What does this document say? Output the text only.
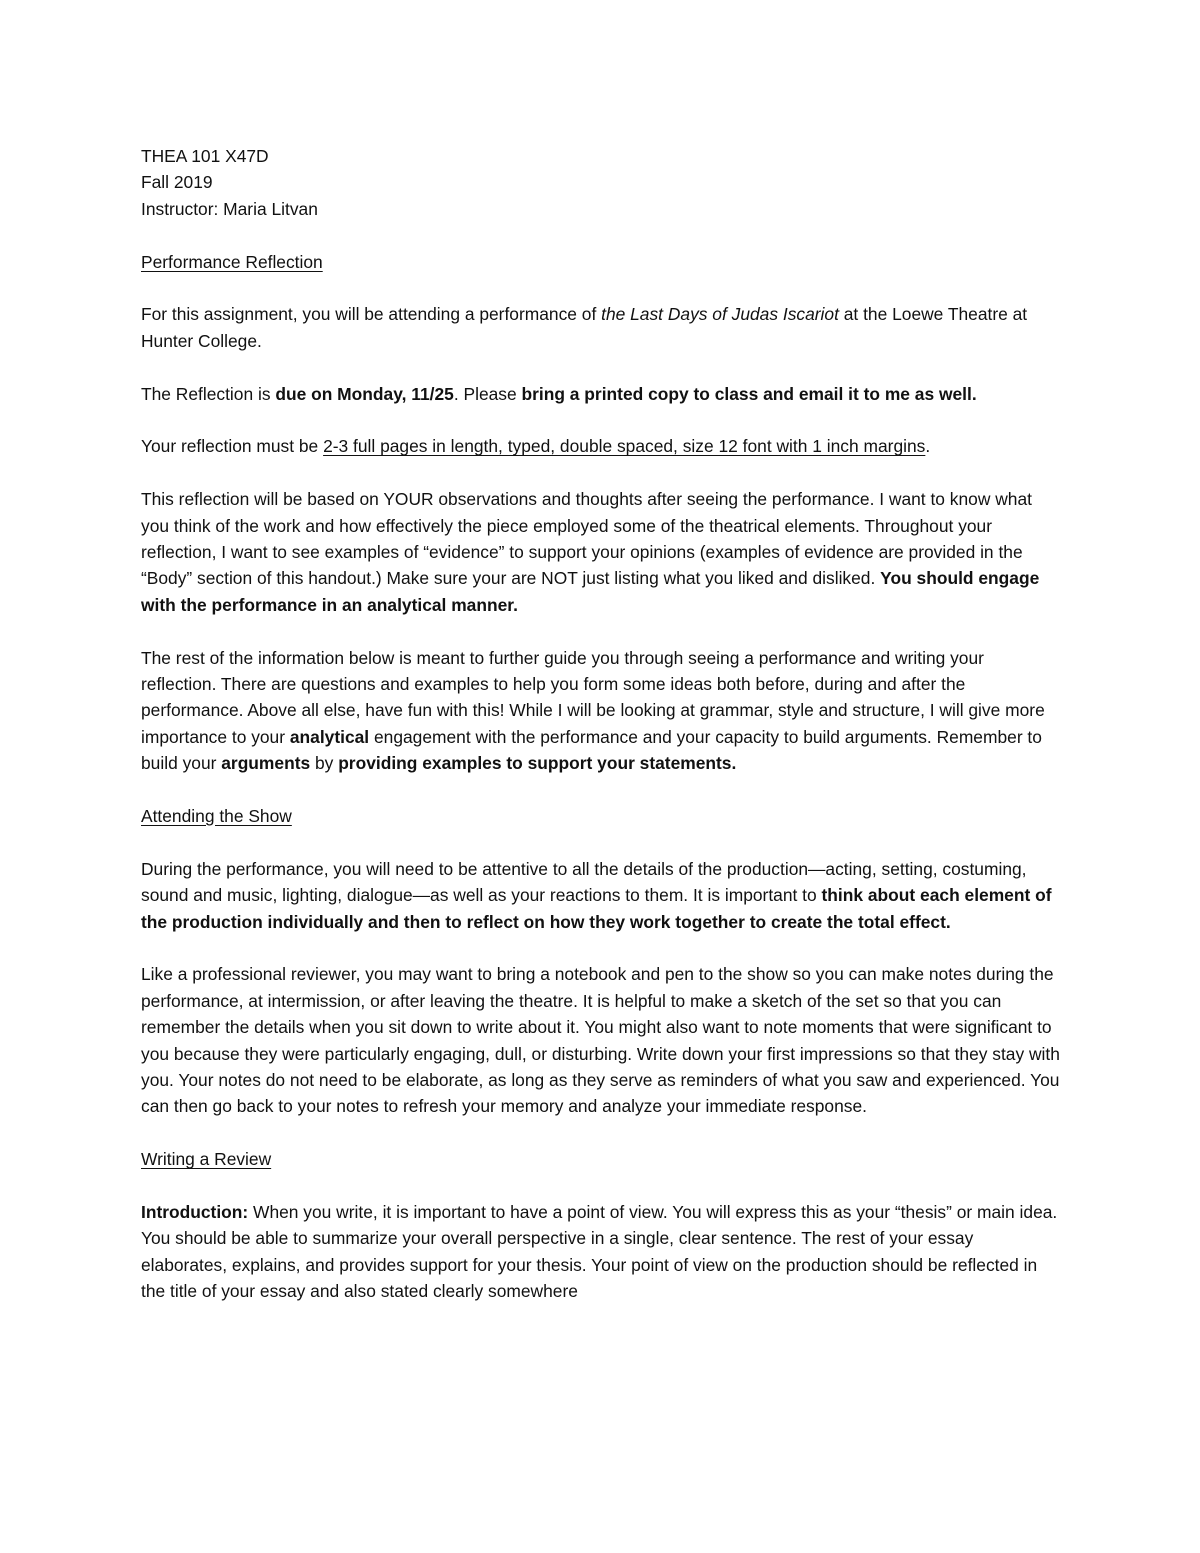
THEA 101 X47D

Fall 2019

Instructor: Maria Litvan

Performance Reflection

For this assignment, you will be attending a performance of the Last Days of Judas Iscariot at the Loewe Theatre at Hunter College.

The Reflection is due on Monday, 11/25. Please bring a printed copy to class and email it to me as well.

Your reflection must be 2-3 full pages in length, typed, double spaced, size 12 font with 1 inch margins.

This reflection will be based on YOUR observations and thoughts after seeing the performance. I want to know what you think of the work and how effectively the piece employed some of the theatrical elements. Throughout your reflection, I want to see examples of “evidence” to support your opinions (examples of evidence are provided in the “Body” section of this handout.) Make sure your are NOT just listing what you liked and disliked. You should engage with the performance in an analytical manner.

The rest of the information below is meant to further guide you through seeing a performance and writing your reflection. There are questions and examples to help you form some ideas both before, during and after the performance. Above all else, have fun with this! While I will be looking at grammar, style and structure, I will give more importance to your analytical engagement with the performance and your capacity to build arguments. Remember to build your arguments by providing examples to support your statements.

Attending the Show

During the performance, you will need to be attentive to all the details of the production—acting, setting, costuming, sound and music, lighting, dialogue—as well as your reactions to them. It is important to think about each element of the production individually and then to reflect on how they work together to create the total effect.

Like a professional reviewer, you may want to bring a notebook and pen to the show so you can make notes during the performance, at intermission, or after leaving the theatre. It is helpful to make a sketch of the set so that you can remember the details when you sit down to write about it. You might also want to note moments that were significant to you because they were particularly engaging, dull, or disturbing. Write down your first impressions so that they stay with you. Your notes do not need to be elaborate, as long as they serve as reminders of what you saw and experienced. You can then go back to your notes to refresh your memory and analyze your immediate response.

Writing a Review

Introduction: When you write, it is important to have a point of view. You will express this as your “thesis” or main idea. You should be able to summarize your overall perspective in a single, clear sentence. The rest of your essay elaborates, explains, and provides support for your thesis. Your point of view on the production should be reflected in the title of your essay and also stated clearly somewhere
